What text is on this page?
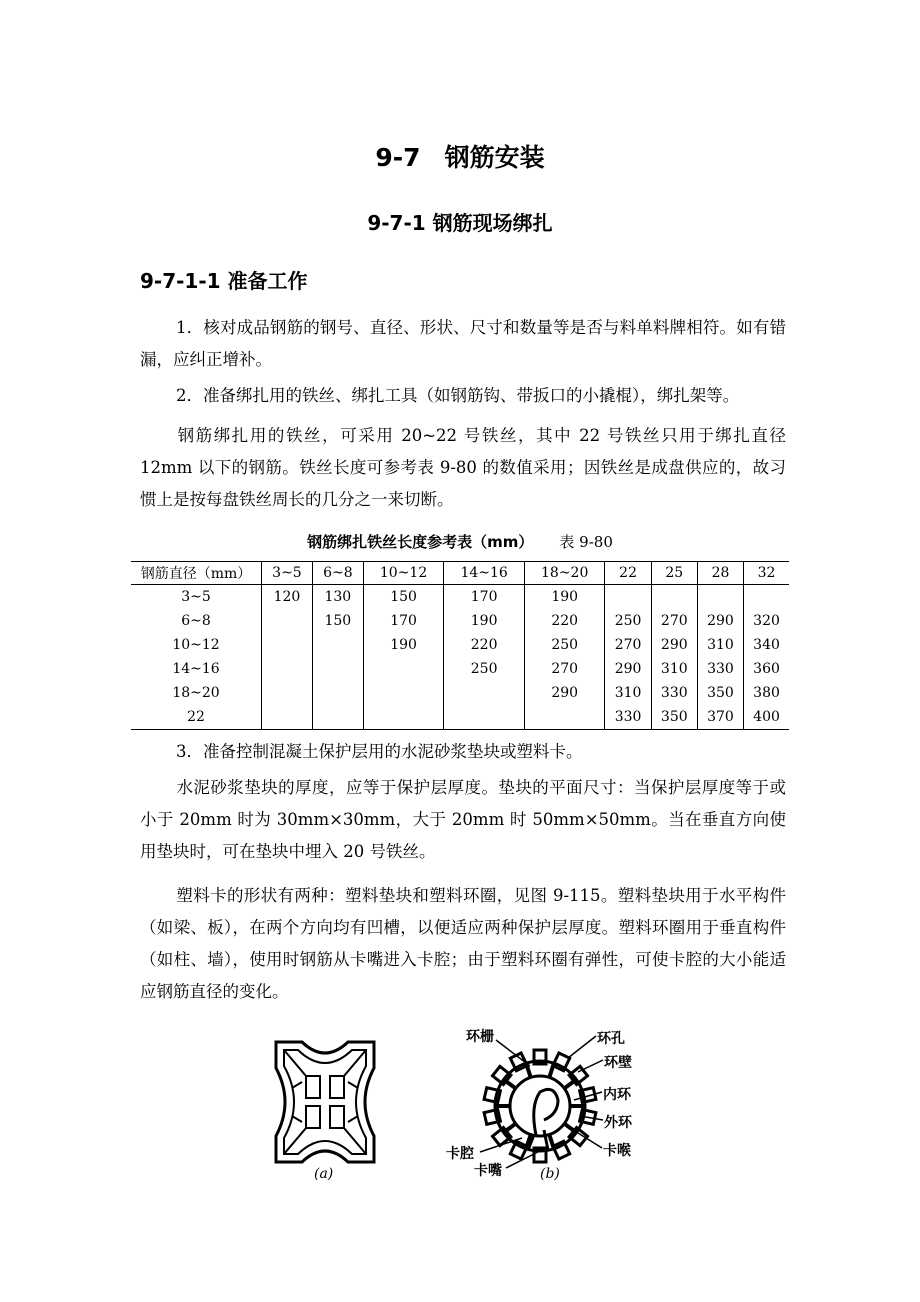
9-7 钢筋安装
9-7-1 钢筋现场绑扎
9-7-1-1 准备工作
1．核对成品钢筋的钢号、直径、形状、尺寸和数量等是否与料单料牌相符。如有错漏，应纠正增补。
2．准备绑扎用的铁丝、绑扎工具（如钢筋钩、带扳口的小撬棍），绑扎架等。
钢筋绑扎用的铁丝，可采用 20~22 号铁丝，其中 22 号铁丝只用于绑扎直径 12mm 以下的钢筋。铁丝长度可参考表 9-80 的数值采用；因铁丝是成盘供应的，故习惯上是按每盘铁丝周长的几分之一来切断。
钢筋绑扎铁丝长度参考表（mm） 表 9-80
钢筋直径（mm）	3~5	6~8	10~12	14~16	18~20	22	25	28	32
3~5	120	130	150	170	190				
6~8		150	170	190	220	250	270	290	320
10~12			190	220	250	270	290	310	340
14~16				250	270	290	310	330	360
18~20					290	310	330	350	380
22						330	350	370	400
3．准备控制混凝土保护层用的水泥砂浆垫块或塑料卡。
水泥砂浆垫块的厚度，应等于保护层厚度。垫块的平面尺寸：当保护层厚度等于或小于 20mm 时为 30mm×30mm，大于 20mm 时 50mm×50mm。当在垂直方向使用垫块时，可在垫块中埋入 20 号铁丝。
塑料卡的形状有两种：塑料垫块和塑料环圈，见图 9-115。塑料垫块用于水平构件（如梁、板），在两个方向均有凹槽，以便适应两种保护层厚度。塑料环圈用于垂直构件（如柱、墙），使用时钢筋从卡嘴进入卡腔；由于塑料环圈有弹性，可使卡腔的大小能适应钢筋直径的变化。
(a)
环栅	环孔
环壁
内环
外环
卡喉
卡腔
卡嘴	(b)
